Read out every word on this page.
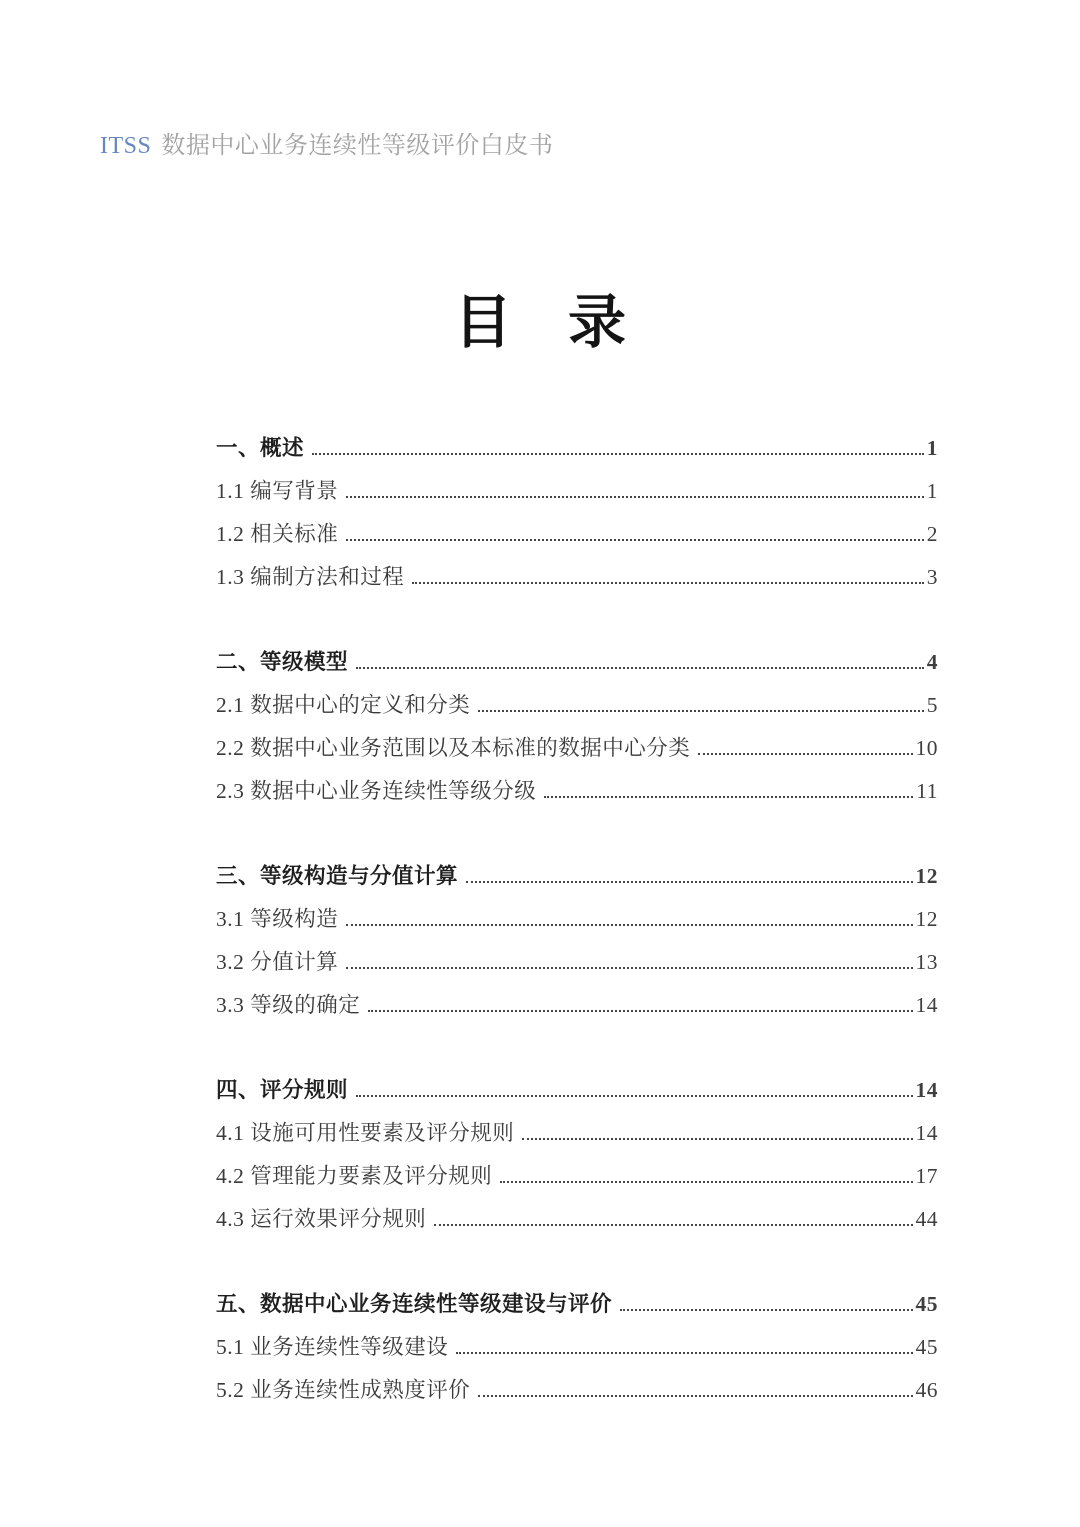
ITSS 数据中心业务连续性等级评价白皮书
目 录
一、概述	1
1.1 编写背景	1
1.2 相关标准	2
1.3 编制方法和过程	3
二、等级模型	4
2.1 数据中心的定义和分类	5
2.2 数据中心业务范围以及本标准的数据中心分类	10
2.3 数据中心业务连续性等级分级	11
三、等级构造与分值计算	12
3.1 等级构造	12
3.2 分值计算	13
3.3 等级的确定	14
四、评分规则	14
4.1 设施可用性要素及评分规则	14
4.2 管理能力要素及评分规则	17
4.3 运行效果评分规则	44
五、数据中心业务连续性等级建设与评价	45
5.1 业务连续性等级建设	45
5.2 业务连续性成熟度评价	46
